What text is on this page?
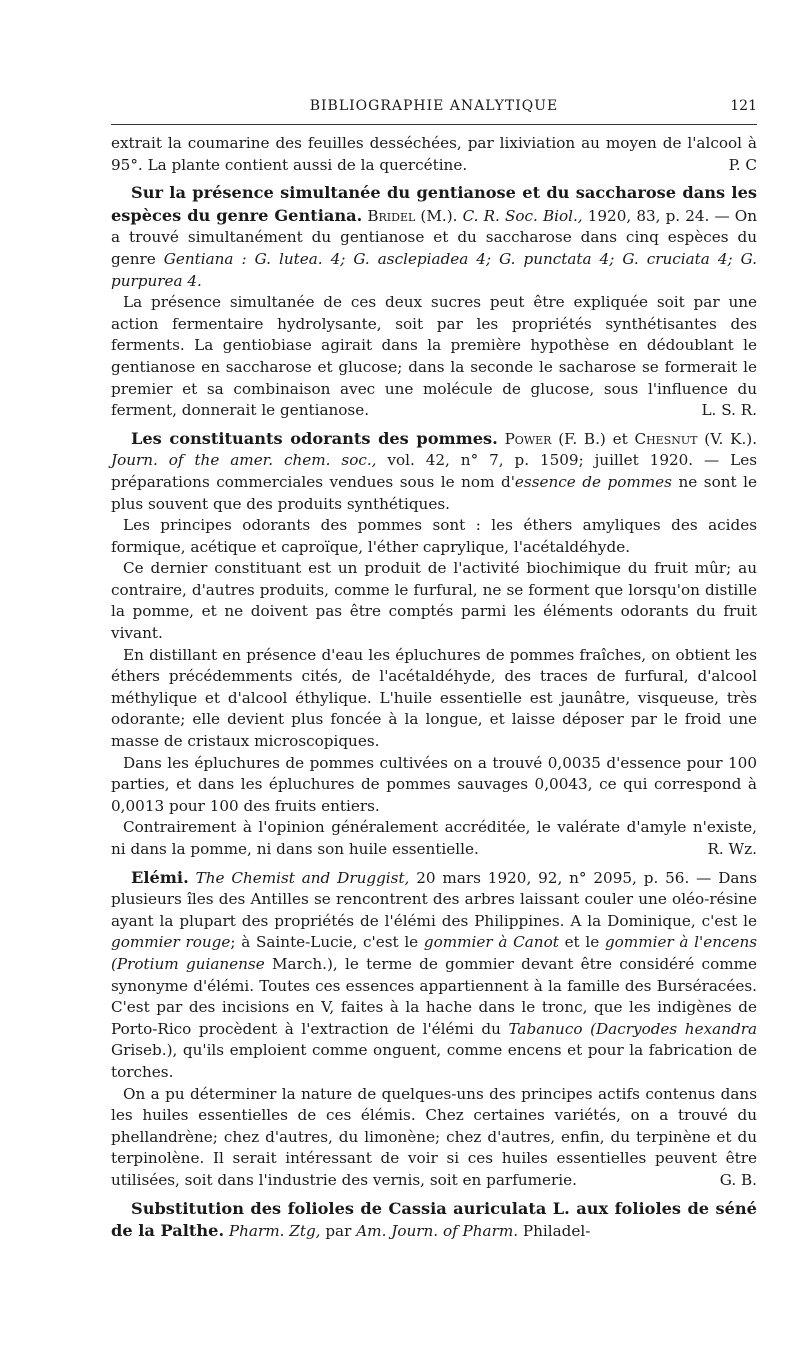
BIBLIOGRAPHIE ANALYTIQUE	121

extrait la coumarine des feuilles desséchées, par lixiviation au moyen de l'alcool à 95°. La plante contient aussi de la quercétine.	P. C

Sur la présence simultanée du gentianose et du saccharose dans les espèces du genre Gentiana. Bridel (M.). C. R. Soc. Biol., 1920, 83, p. 24. — On a trouvé simultanément du gentianose et du saccharose dans cinq espèces du genre Gentiana : G. lutea. 4; G. asclepiadea 4; G. punctata 4; G. cruciata 4; G. purpurea 4.

La présence simultanée de ces deux sucres peut être expliquée soit par une action fermentaire hydrolysante, soit par les propriétés synthétisantes des ferments. La gentiobiase agirait dans la première hypothèse en dédoublant le gentianose en saccharose et glucose; dans la seconde le sacharose se formerait le premier et sa combinaison avec une molécule de glucose, sous l'influence du ferment, donnerait le gentianose.	L. S. R.

Les constituants odorants des pommes. Power (F. B.) et Chesnut (V. K.). Journ. of the amer. chem. soc., vol. 42, n° 7, p. 1509; juillet 1920. — Les préparations commerciales vendues sous le nom d'essence de pommes ne sont le plus souvent que des produits synthétiques.

Les principes odorants des pommes sont : les éthers amyliques des acides formique, acétique et caproïque, l'éther caprylique, l'acétaldéhyde.

Ce dernier constituant est un produit de l'activité biochimique du fruit mûr; au contraire, d'autres produits, comme le furfural, ne se forment que lorsqu'on distille la pomme, et ne doivent pas être comptés parmi les éléments odorants du fruit vivant.

En distillant en présence d'eau les épluchures de pommes fraîches, on obtient les éthers précédemments cités, de l'acétaldéhyde, des traces de furfural, d'alcool méthylique et d'alcool éthylique. L'huile essentielle est jaunâtre, visqueuse, très odorante; elle devient plus foncée à la longue, et laisse déposer par le froid une masse de cristaux microscopiques.

Dans les épluchures de pommes cultivées on a trouvé 0,0035 d'essence pour 100 parties, et dans les épluchures de pommes sauvages 0,0043, ce qui correspond à 0,0013 pour 100 des fruits entiers.

Contrairement à l'opinion généralement accréditée, le valérate d'amyle n'existe, ni dans la pomme, ni dans son huile essentielle.	R. Wz.

Elémi. The Chemist and Druggist, 20 mars 1920, 92, n° 2095, p. 56. — Dans plusieurs îles des Antilles se rencontrent des arbres laissant couler une oléo-résine ayant la plupart des propriétés de l'élémi des Philippines. A la Dominique, c'est le gommier rouge; à Sainte-Lucie, c'est le gommier à Canot et le gommier à l'encens (Protium guianense March.), le terme de gommier devant être considéré comme synonyme d'élémi. Toutes ces essences appartiennent à la famille des Burséracées. C'est par des incisions en V, faites à la hache dans le tronc, que les indigènes de Porto-Rico procèdent à l'extraction de l'élémi du Tabanuco (Dacryodes hexandra Griseb.), qu'ils emploient comme onguent, comme encens et pour la fabrication de torches.

On a pu déterminer la nature de quelques-uns des principes actifs contenus dans les huiles essentielles de ces élémis. Chez certaines variétés, on a trouvé du phellandrène; chez d'autres, du limonène; chez d'autres, enfin, du terpinène et du terpinolène. Il serait intéressant de voir si ces huiles essentielles peuvent être utilisées, soit dans l'industrie des vernis, soit en parfumerie.	G. B.

Substitution des folioles de Cassia auriculata L. aux folioles de séné de la Palthe. Pharm. Ztg, par Am. Journ. of Pharm. Philadel-
